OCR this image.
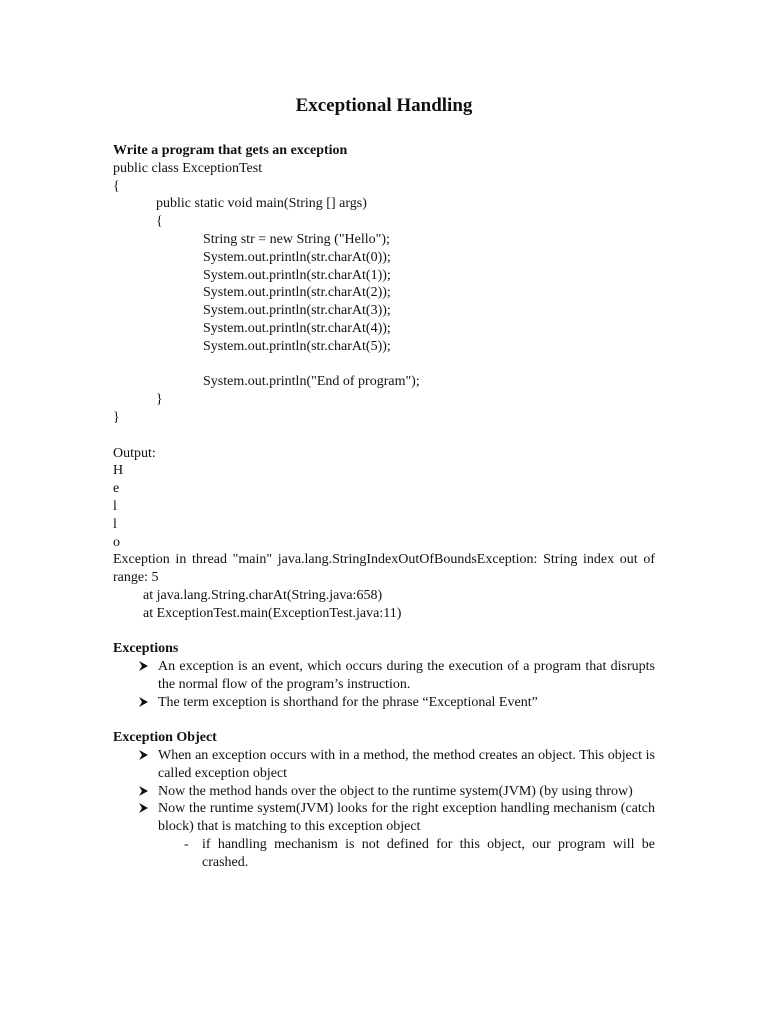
Exceptional Handling
Write a program that gets an exception
public class ExceptionTest
{
public static void main(String [] args)
{
String str = new String ("Hello");
System.out.println(str.charAt(0));
System.out.println(str.charAt(1));
System.out.println(str.charAt(2));
System.out.println(str.charAt(3));
System.out.println(str.charAt(4));
System.out.println(str.charAt(5));
System.out.println("End of program");
}
}
Output:
H
e
l
l
o
Exception in thread "main" java.lang.StringIndexOutOfBoundsException: String index out of range: 5
at java.lang.String.charAt(String.java:658)
at ExceptionTest.main(ExceptionTest.java:11)
Exceptions
An exception is an event, which occurs during the execution of a program that disrupts the normal flow of the program’s instruction.
The term exception is shorthand for the phrase “Exceptional Event”
Exception Object
When an exception occurs with in a method, the method creates an object. This object is called exception object
Now the method hands over the object to the runtime system(JVM) (by using throw)
Now the runtime system(JVM) looks for the right exception handling mechanism (catch block) that is matching to this exception object
- if handling mechanism is not defined for this object, our program will be crashed.
